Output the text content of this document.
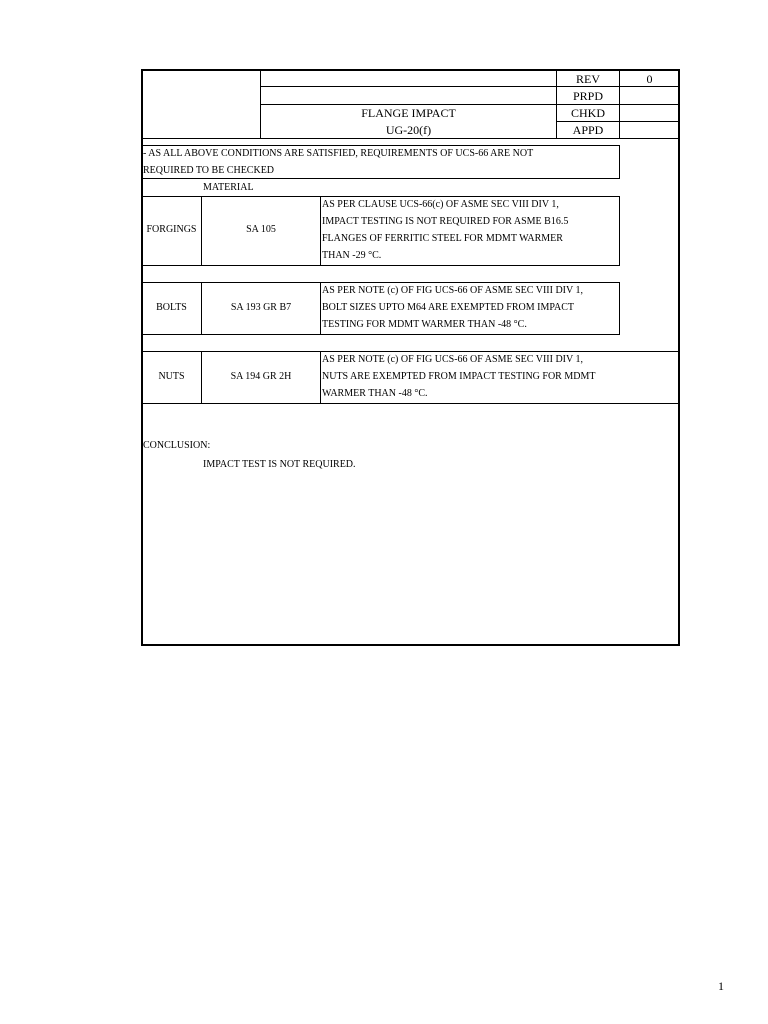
FLANGE IMPACT
UG-20(f)
REV	0
PRPD
CHKD
APPD
- AS ALL ABOVE CONDITIONS ARE SATISFIED, REQUIREMENTS OF UCS-66 ARE NOT
REQUIRED TO BE CHECKED
MATERIAL
FORGINGS	SA 105
AS PER CLAUSE UCS-66(c) OF ASME SEC VIII DIV 1,
IMPACT TESTING IS NOT REQUIRED FOR ASME B16.5
FLANGES OF FERRITIC STEEL FOR MDMT WARMER
THAN -29 °C.
BOLTS	SA 193 GR B7
AS PER NOTE (c) OF FIG UCS-66 OF ASME SEC VIII DIV 1,
BOLT SIZES UPTO M64 ARE EXEMPTED FROM IMPACT
TESTING FOR MDMT WARMER THAN -48 °C.
NUTS	SA 194 GR 2H
AS PER NOTE (c) OF FIG UCS-66 OF ASME SEC VIII DIV 1,
NUTS ARE EXEMPTED FROM IMPACT TESTING FOR MDMT
WARMER THAN -48 °C.
CONCLUSION:
IMPACT TEST IS NOT REQUIRED.
1
